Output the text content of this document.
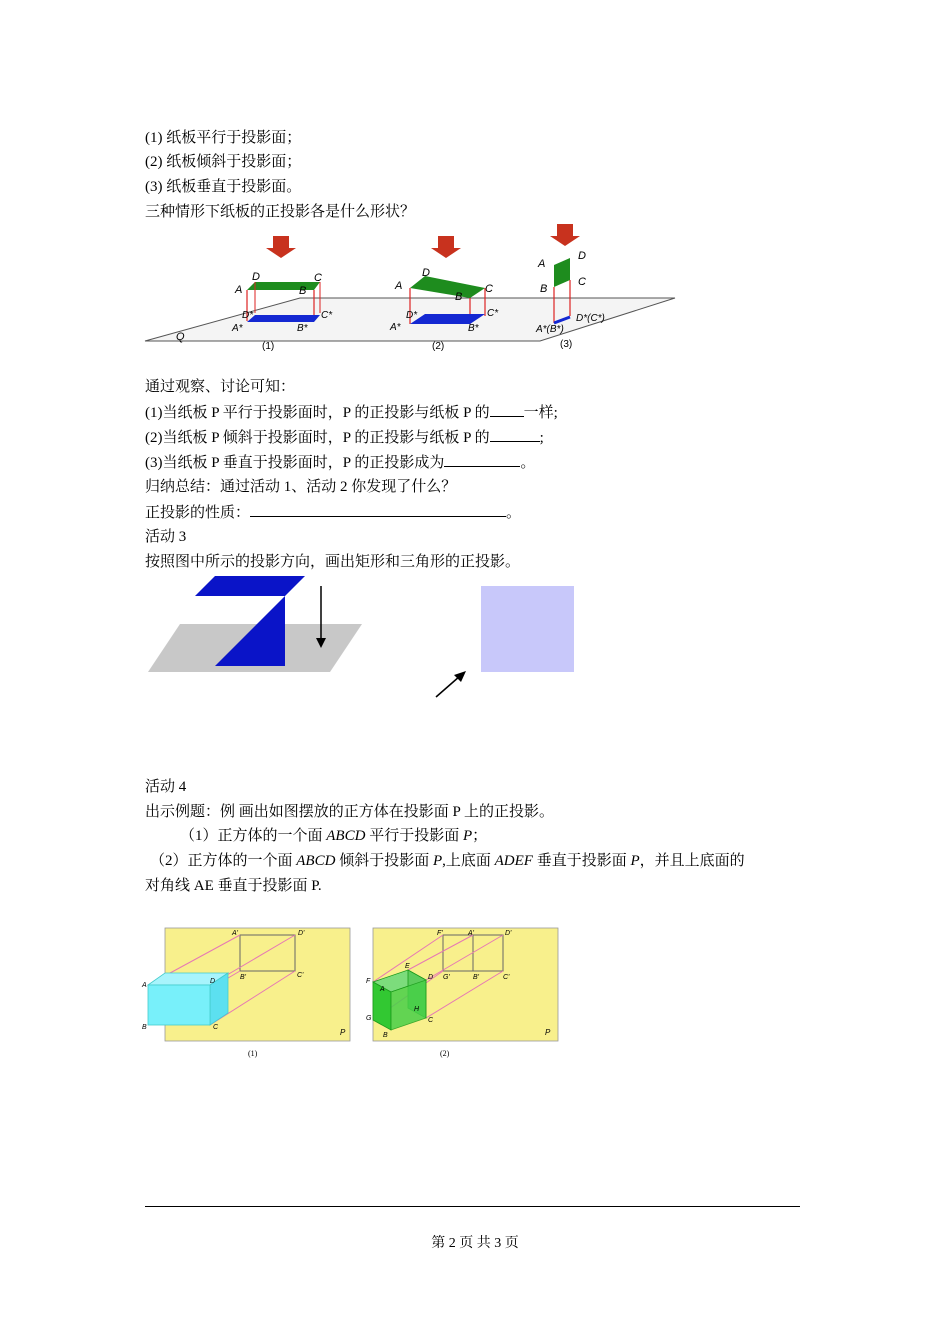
(1) 纸板平行于投影面；
(2) 纸板倾斜于投影面；
(3) 纸板垂直于投影面。
三种情形下纸板的正投影各是什么形状？
D	C
A	B
D*	C*
A*	B*
D
C
A
B
D*	C*
A*	B*
D
A
C
B
D*(C*)
A*(B*)
Q
(1)	(2)	(3)
通过观察、讨论可知：
(1)当纸板 P 平行于投影面时，P 的正投影与纸板 P 的 一样;
(2)当纸板 P 倾斜于投影面时，P 的正投影与纸板 P 的	;
(3)当纸板 P 垂直于投影面时，P 的正投影成为	。
归纳总结：通过活动 1、活动 2 你发现了什么？
正投影的性质：	。
活动 3
按照图中所示的投影方向，画出矩形和三角形的正投影。
活动 4
出示例题：例 画出如图摆放的正方体在投影面 P 上的正投影。
（1）正方体的一个面 ABCD 平行于投影面 P；
（2）正方体的一个面 ABCD 倾斜于投影面 P,上底面 ADEF 垂直于投影面 P，并且上底面的
对角线 AE 垂直于投影面 P.
A
B	C
D
A'	D'
B'	C'
P
(1)
F
A
E
D
G
H
B
C
F'	A'	D'
G'	B'	C'
P
(2)
第 2 页 共 3 页
